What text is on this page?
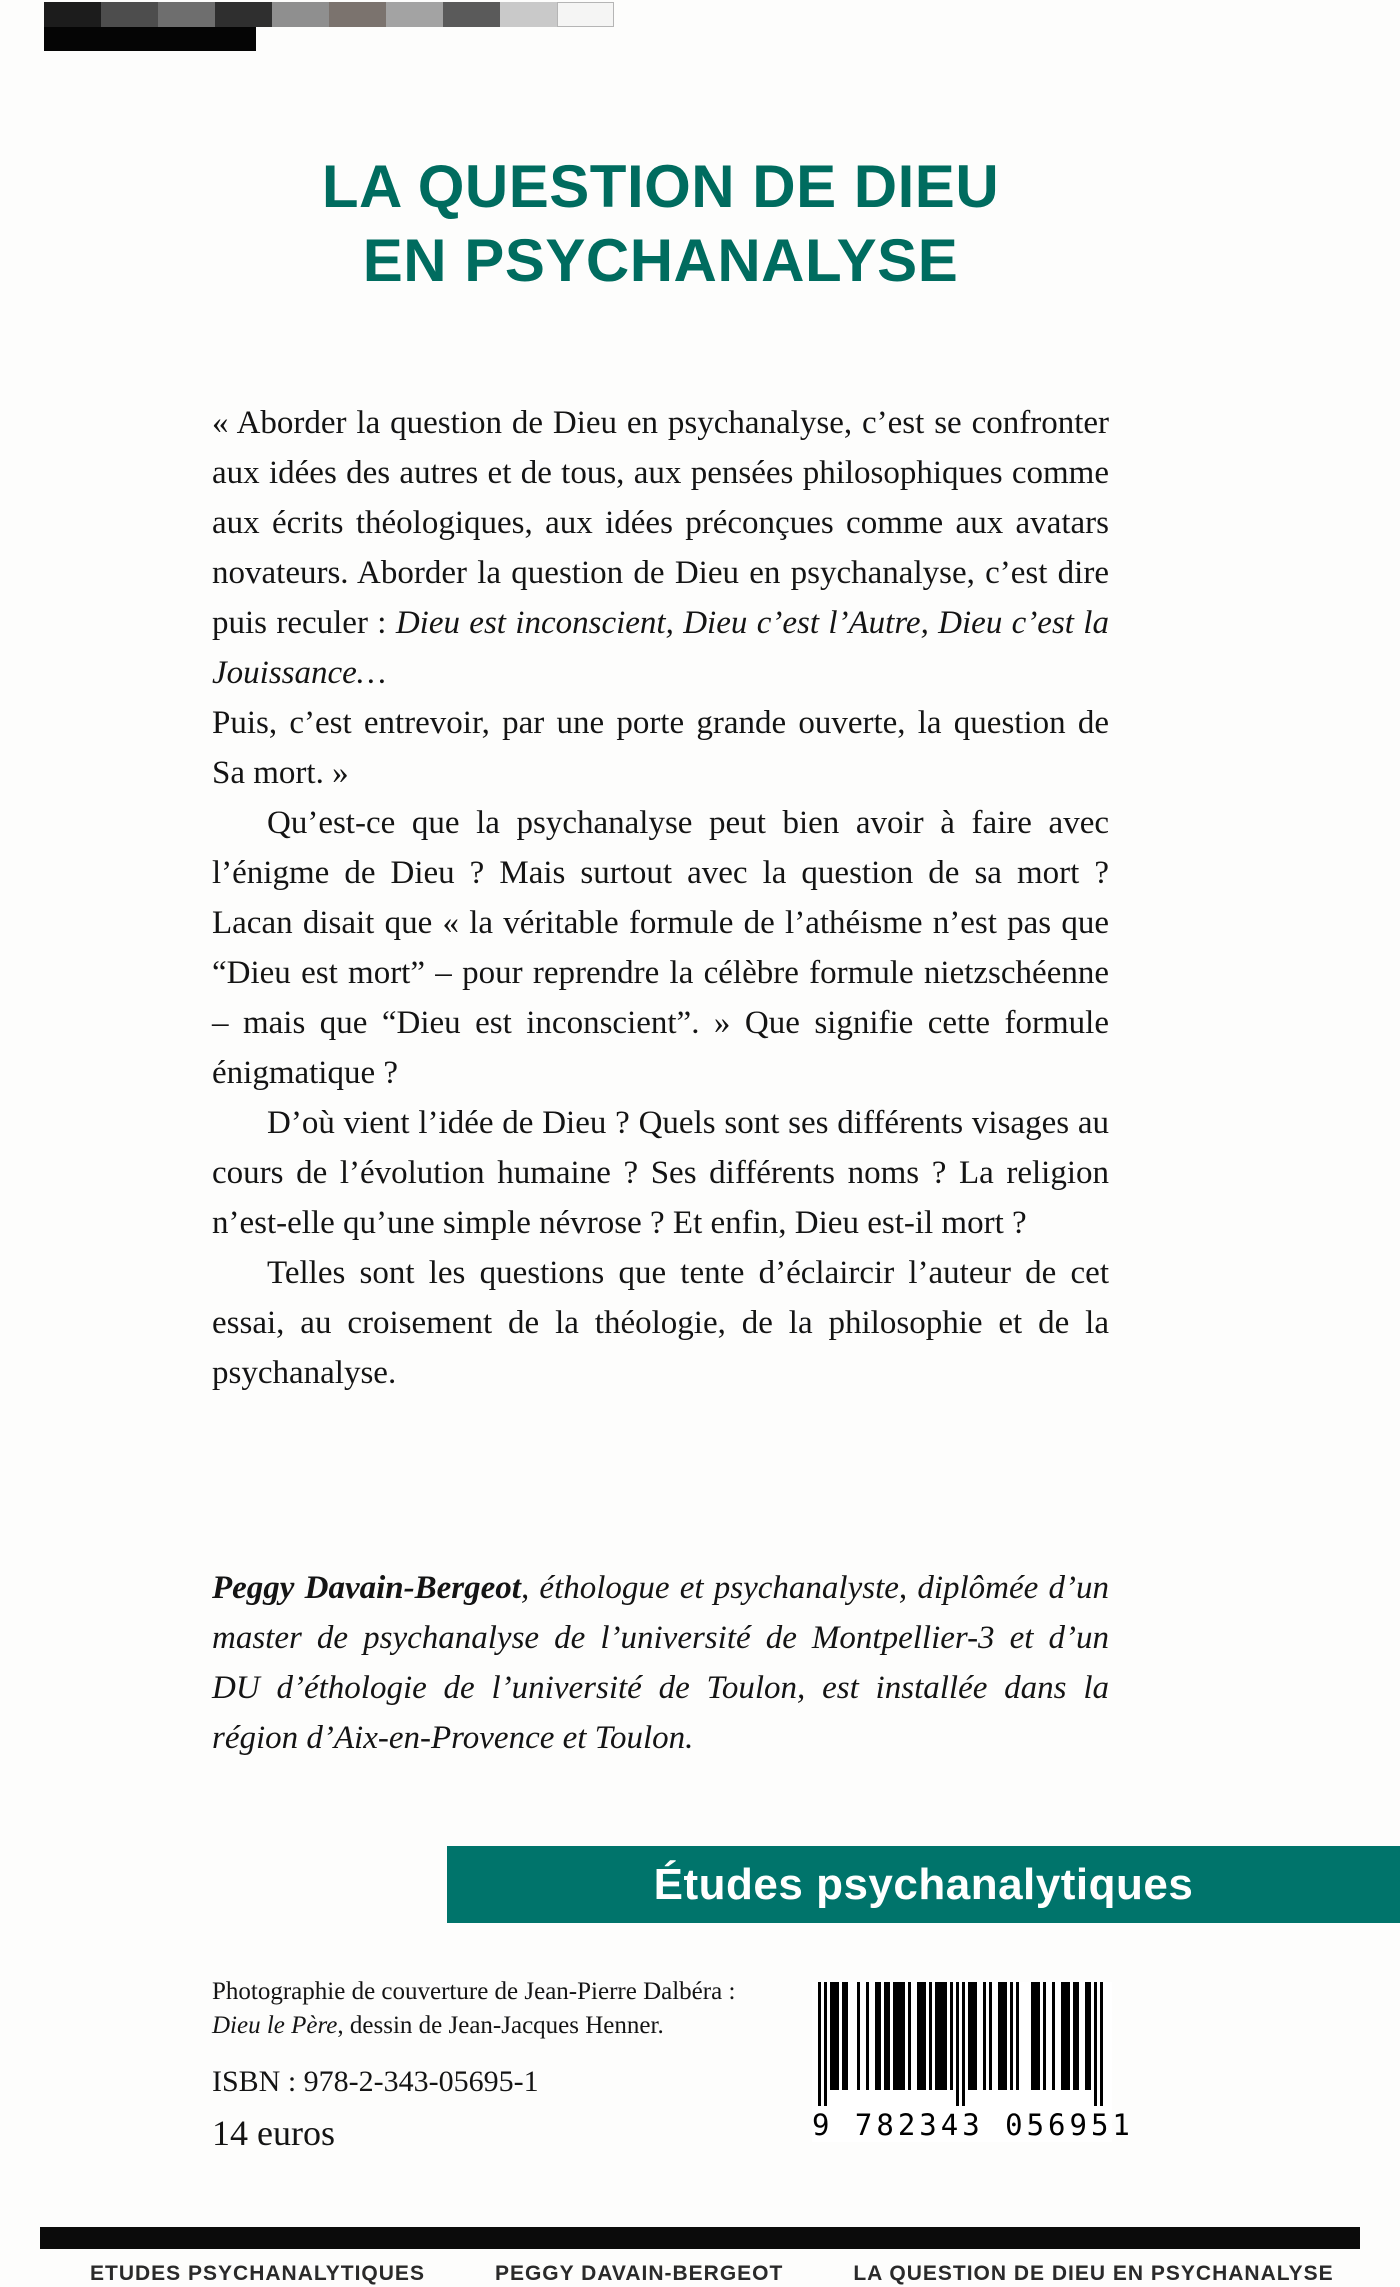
LA QUESTION DE DIEU
EN PSYCHANALYSE

« Aborder la question de Dieu en psychanalyse, c’est se confronter aux idées des autres et de tous, aux pensées philosophiques comme aux écrits théologiques, aux idées préconçues comme aux avatars novateurs. Aborder la question de Dieu en psychanalyse, c’est dire puis reculer : Dieu est inconscient, Dieu c’est l’Autre, Dieu c’est la Jouissance…

Puis, c’est entrevoir, par une porte grande ouverte, la question de Sa mort. »

Qu’est-ce que la psychanalyse peut bien avoir à faire avec l’énigme de Dieu ? Mais surtout avec la question de sa mort ? Lacan disait que « la véritable formule de l’athéisme n’est pas que “Dieu est mort” – pour reprendre la célèbre formule nietzschéenne – mais que “Dieu est inconscient”. » Que signifie cette formule énigmatique ?

D’où vient l’idée de Dieu ? Quels sont ses différents visages au cours de l’évolution humaine ? Ses différents noms ? La religion n’est-elle qu’une simple névrose ? Et enfin, Dieu est-il mort ?

Telles sont les questions que tente d’éclaircir l’auteur de cet essai, au croisement de la théologie, de la philosophie et de la psychanalyse.

Peggy Davain-Bergeot, éthologue et psychanalyste, diplômée d’un master de psychanalyse de l’université de Montpellier-3 et d’un DU d’éthologie de l’université de Toulon, est installée dans la région d’Aix-en-Provence et Toulon.

Études psychanalytiques
Photographie de couverture de Jean-Pierre Dalbéra :
Dieu le Père, dessin de Jean-Jacques Henner.
ISBN : 978-2-343-05695-1
14 euros	9 782343 056951
ETUDES PSYCHANALYTIQUES	PEGGY DAVAIN-BERGEOT	LA QUESTION DE DIEU EN PSYCHANALYSE
